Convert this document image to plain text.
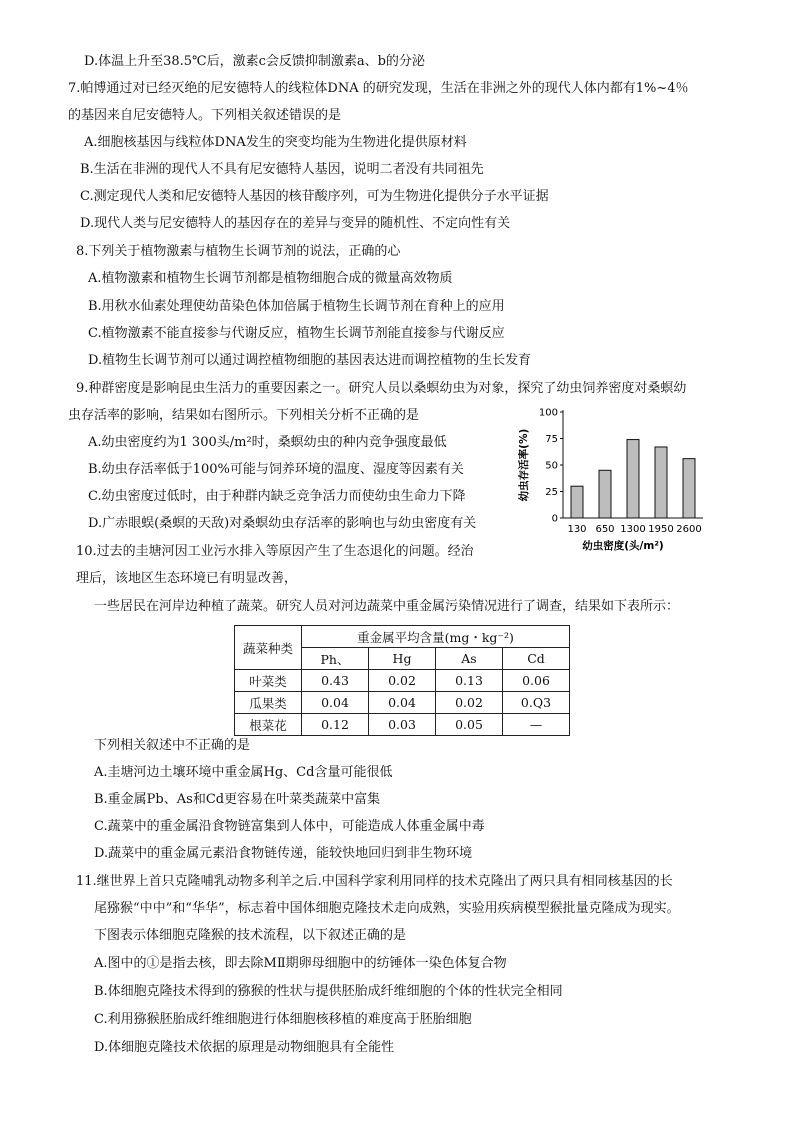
D.体温上升至38.5℃后，激素c会反馈抑制激素a、b的分泌
7.帕博通过对已经灭绝的尼安德特人的线粒体DNA 的研究发现，生活在非洲之外的现代人体内都有1%~4％
的基因来自尼安德特人。下列相关叙述错误的是
A.细胞核基因与线粒体DNA发生的突变均能为生物进化提供原材料
B.生活在非洲的现代人不具有尼安德特人基因，说明二者没有共同祖先
C.测定现代人类和尼安德特人基因的核苷酸序列，可为生物进化提供分子水平证据
D.现代人类与尼安德特人的基因存在的差异与变异的随机性、不定向性有关
8.下列关于植物激素与植物生长调节剂的说法，正确的心
A.植物激素和植物生长调节剂都是植物细胞合成的微量高效物质
B.用秋水仙素处理使幼苗染色体加倍属于植物生长调节剂在育种上的应用
C.植物激素不能直接参与代谢反应，植物生长调节剂能直接参与代谢反应
D.植物生长调节剂可以通过调控植物细胞的基因表达进而调控植物的生长发育
9.种群密度是影响昆虫生活力的重要因素之一。研究人员以桑螟幼虫为对象，探究了幼虫饲养密度对桑螟幼
虫存活率的影响，结果如右图所示。下列相关分析不正确的是
A.幼虫密度约为1 300头/m²时，桑螟幼虫的种内竞争强度最低
B.幼虫存活率低于100%可能与饲养环境的温度、湿度等因素有关
C.幼虫密度过低时，由于种群内缺乏竞争活力而使幼虫生命力下降
D.广赤眼蜈(桑螟的天敌)对桑螟幼虫存活率的影响也与幼虫密度有关
10.过去的圭塘河因工业污水排入等原因产生了生态退化的问题。经治
理后，该地区生态环境已有明显改善，
一些居民在河岸边种植了蔬菜。研究人员对河边蔬菜中重金属污染情况进行了调查，结果如下表所示：
下列相关叙述中不正确的是
A.圭塘河边土壤环境中重金属Hg、Cd含量可能很低
B.重金属Pb、As和Cd更容易在叶菜类蔬菜中富集
C.蔬菜中的重金属沿食物链富集到人体中，可能造成人体重金属中毒
D.蔬菜中的重金属元素沿食物链传递，能较快地回归到非生物环境
11.继世界上首只克隆哺乳动物多利羊之后.中国科学家利用同样的技术克隆出了两只具有相同核基因的长
尾猕猴“中中”和“华华”，标志着中国体细胞克隆技术走向成熟，实验用疾病模型猴批量克隆成为现实。
下图表示体细胞克隆猴的技术流程，以下叙述正确的是
A.图中的①是指去核，即去除MⅡ期卵母细胞中的纺锤体一染色体复合物
B.体细胞克隆技术得到的猕猴的性状与提供胚胎成纤维细胞的个体的性状完全相同
C.利用猕猴胚胎成纤维细胞进行体细胞核移植的难度高于胚胎细胞
D.体细胞克隆技术依据的原理是动物细胞具有全能性
蔬菜种类	重金属平均含量(mg・kg⁻²)			
	Ph、	Hg	As	Cd
叶菜类	0.43	0.02	0.13	0.06
瓜果类	0.04	0.04	0.02	0.Q3
根菜花	0.12	0.03	0.05	—
0
25
50
75
100
130 650 1300 1950 2600
幼虫存活率(%)
幼虫密度(头/m²)
